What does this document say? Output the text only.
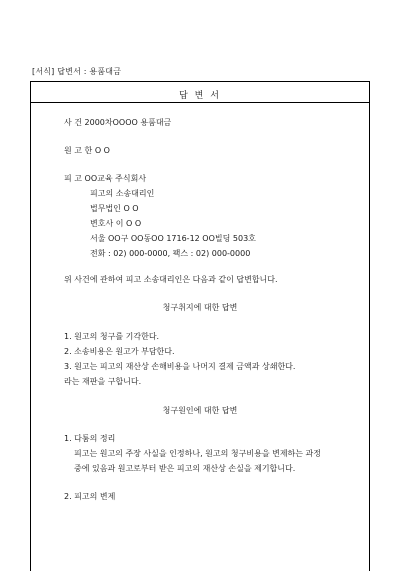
[서식] 답변서 : 용품대금
답 변 서
사 건 2000차OOOO 용품대금
원 고 한 O O
피 고 OO교육 주식회사
피고의 소송대리인
법무법인 O O
변호사 이 O O
서울 OO구 OO동OO 1716-12 OO빌딩 503호
전화 : 02) 000-0000, 팩스 : 02) 000-0000
위 사건에 관하여 피고 소송대리인은 다음과 같이 답변합니다.
청구취지에 대한 답변
1. 원고의 청구를 기각한다.
2. 소송비용은 원고가 부담한다.
3. 원고는 피고의 재산상 손해비용을 나머지 결제 금액과 상쇄한다.
라는 재판을 구합니다.
청구원인에 대한 답변
1. 다툼의 정리
피고는 원고의 주장 사실을 인정하나, 원고의 청구비용을 변제하는 과정
중에 있음과 원고로부터 받은 피고의 재산상 손실을 제기합니다.
2. 피고의 변제
